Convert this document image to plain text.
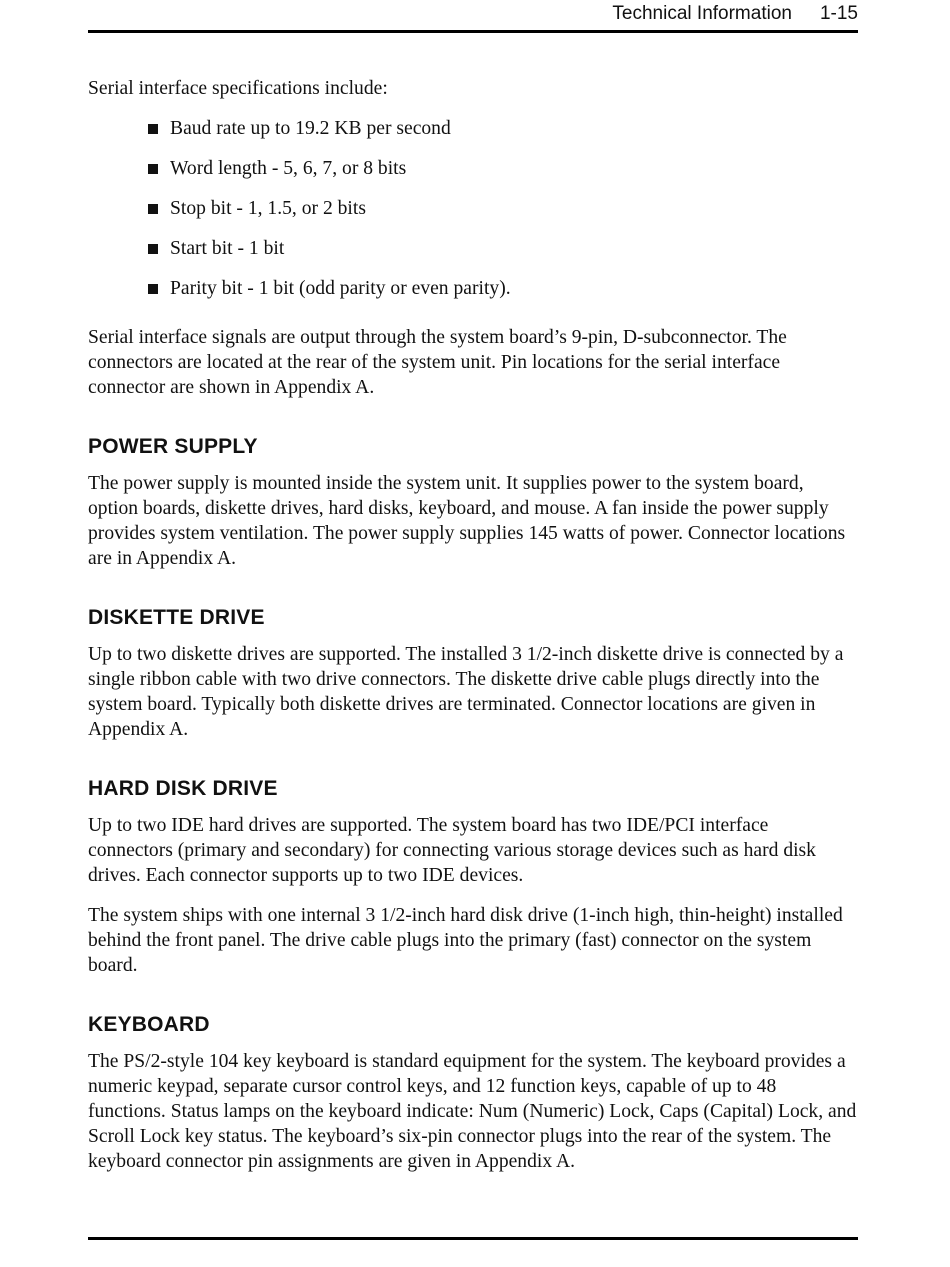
Technical Information 1-15

Serial interface specifications include:

Baud rate up to 19.2 KB per second
Word length - 5, 6, 7, or 8 bits
Stop bit - 1, 1.5, or 2 bits
Start bit - 1 bit
Parity bit - 1 bit (odd parity or even parity).

Serial interface signals are output through the system board’s 9-pin, D-subconnector. The connectors are located at the rear of the system unit. Pin locations for the serial interface connector are shown in Appendix A.

POWER SUPPLY

The power supply is mounted inside the system unit. It supplies power to the system board, option boards, diskette drives, hard disks, keyboard, and mouse. A fan inside the power supply provides system ventilation. The power supply supplies 145 watts of power. Connector locations are in Appendix A.

DISKETTE DRIVE

Up to two diskette drives are supported. The installed 3 1/2-inch diskette drive is connected by a single ribbon cable with two drive connectors. The diskette drive cable plugs directly into the system board. Typically both diskette drives are terminated. Connector locations are given in Appendix A.

HARD DISK DRIVE

Up to two IDE hard drives are supported. The system board has two IDE/PCI interface connectors (primary and secondary) for connecting various storage devices such as hard disk drives. Each connector supports up to two IDE devices.

The system ships with one internal 3 1/2-inch hard disk drive (1-inch high, thin-height) installed behind the front panel. The drive cable plugs into the primary (fast) connector on the system board.

KEYBOARD

The PS/2-style 104 key keyboard is standard equipment for the system. The keyboard provides a numeric keypad, separate cursor control keys, and 12 function keys, capable of up to 48 functions. Status lamps on the keyboard indicate: Num (Numeric) Lock, Caps (Capital) Lock, and Scroll Lock key status. The keyboard’s six-pin connector plugs into the rear of the system. The keyboard connector pin assignments are given in Appendix A.
